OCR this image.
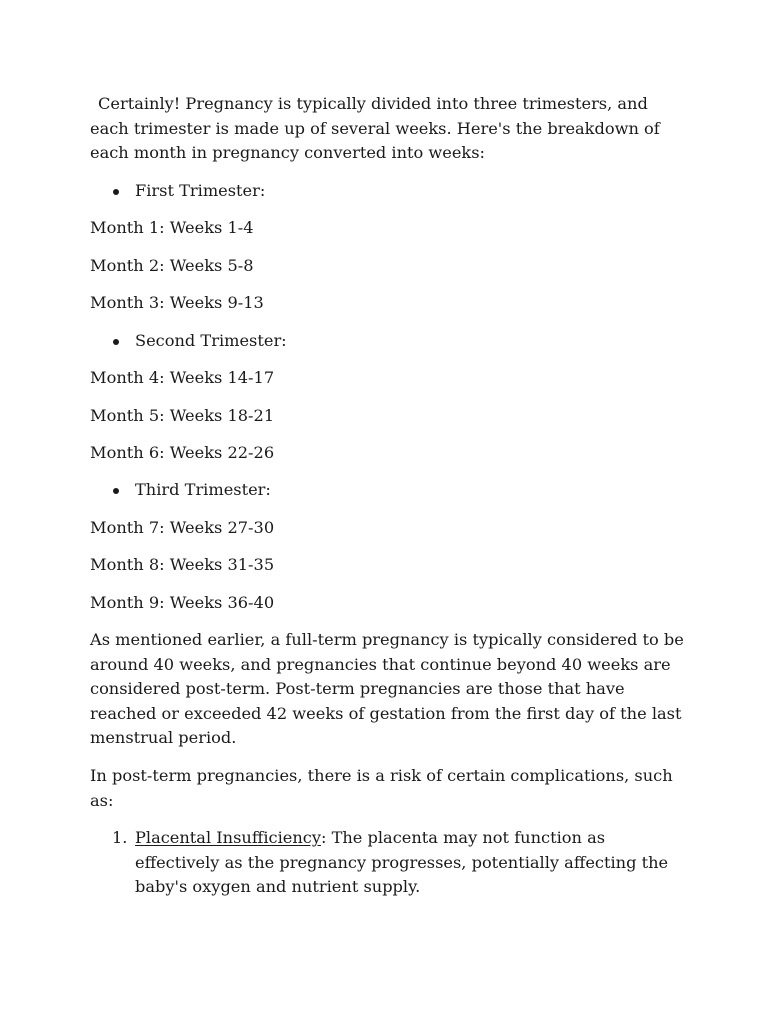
Certainly! Pregnancy is typically divided into three trimesters, and each trimester is made up of several weeks. Here's the breakdown of each month in pregnancy converted into weeks:

First Trimester:

Month 1: Weeks 1-4

Month 2: Weeks 5-8

Month 3: Weeks 9-13

Second Trimester:

Month 4: Weeks 14-17

Month 5: Weeks 18-21

Month 6: Weeks 22-26

Third Trimester:

Month 7: Weeks 27-30

Month 8: Weeks 31-35

Month 9: Weeks 36-40

As mentioned earlier, a full-term pregnancy is typically considered to be around 40 weeks, and pregnancies that continue beyond 40 weeks are considered post-term. Post-term pregnancies are those that have reached or exceeded 42 weeks of gestation from the first day of the last menstrual period.

In post-term pregnancies, there is a risk of certain complications, such as:

1. Placental Insufficiency: The placenta may not function as effectively as the pregnancy progresses, potentially affecting the baby's oxygen and nutrient supply.
